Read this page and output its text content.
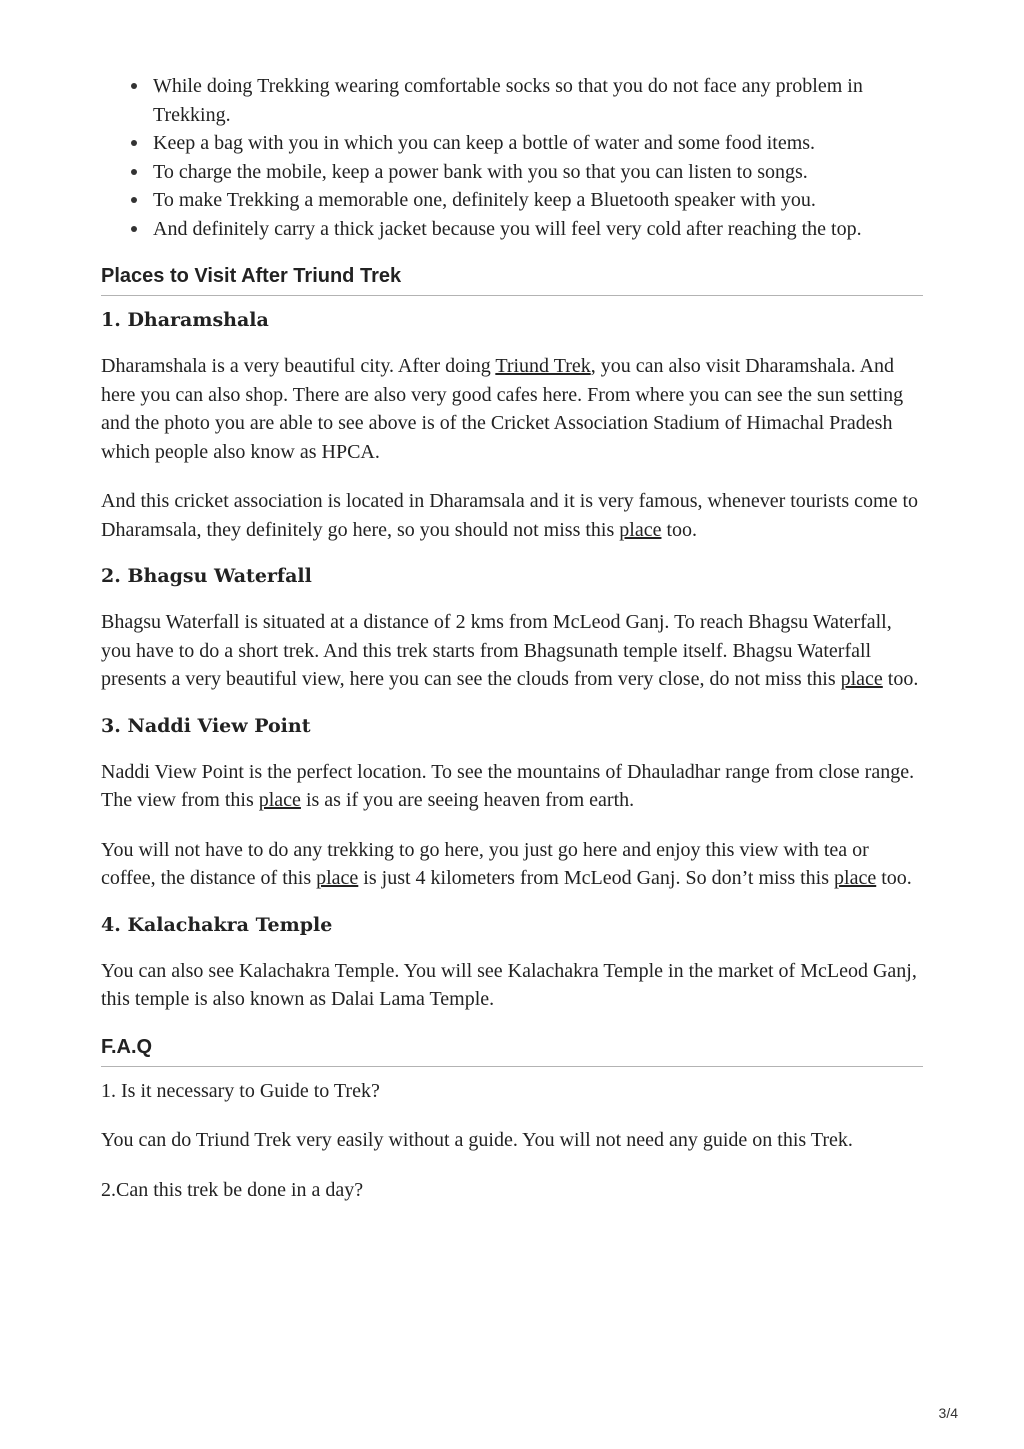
While doing Trekking wearing comfortable socks so that you do not face any problem in Trekking.
Keep a bag with you in which you can keep a bottle of water and some food items.
To charge the mobile, keep a power bank with you so that you can listen to songs.
To make Trekking a memorable one, definitely keep a Bluetooth speaker with you.
And definitely carry a thick jacket because you will feel very cold after reaching the top.
Places to Visit After Triund Trek
1. Dharamshala

Dharamshala is a very beautiful city. After doing Triund Trek, you can also visit Dharamshala. And here you can also shop. There are also very good cafes here. From where you can see the sun setting and the photo you are able to see above is of the Cricket Association Stadium of Himachal Pradesh which people also know as HPCA.

And this cricket association is located in Dharamsala and it is very famous, whenever tourists come to Dharamsala, they definitely go here, so you should not miss this place too.

2. Bhagsu Waterfall

Bhagsu Waterfall is situated at a distance of 2 kms from McLeod Ganj. To reach Bhagsu Waterfall, you have to do a short trek. And this trek starts from Bhagsunath temple itself. Bhagsu Waterfall presents a very beautiful view, here you can see the clouds from very close, do not miss this place too.

3. Naddi View Point

Naddi View Point is the perfect location. To see the mountains of Dhauladhar range from close range. The view from this place is as if you are seeing heaven from earth.

You will not have to do any trekking to go here, you just go here and enjoy this view with tea or coffee, the distance of this place is just 4 kilometers from McLeod Ganj. So don’t miss this place too.

4. Kalachakra Temple

You can also see Kalachakra Temple. You will see Kalachakra Temple in the market of McLeod Ganj, this temple is also known as Dalai Lama Temple.

F.A.Q

1. Is it necessary to Guide to Trek?

You can do Triund Trek very easily without a guide. You will not need any guide on this Trek.

2.Can this trek be done in a day?

3/4
